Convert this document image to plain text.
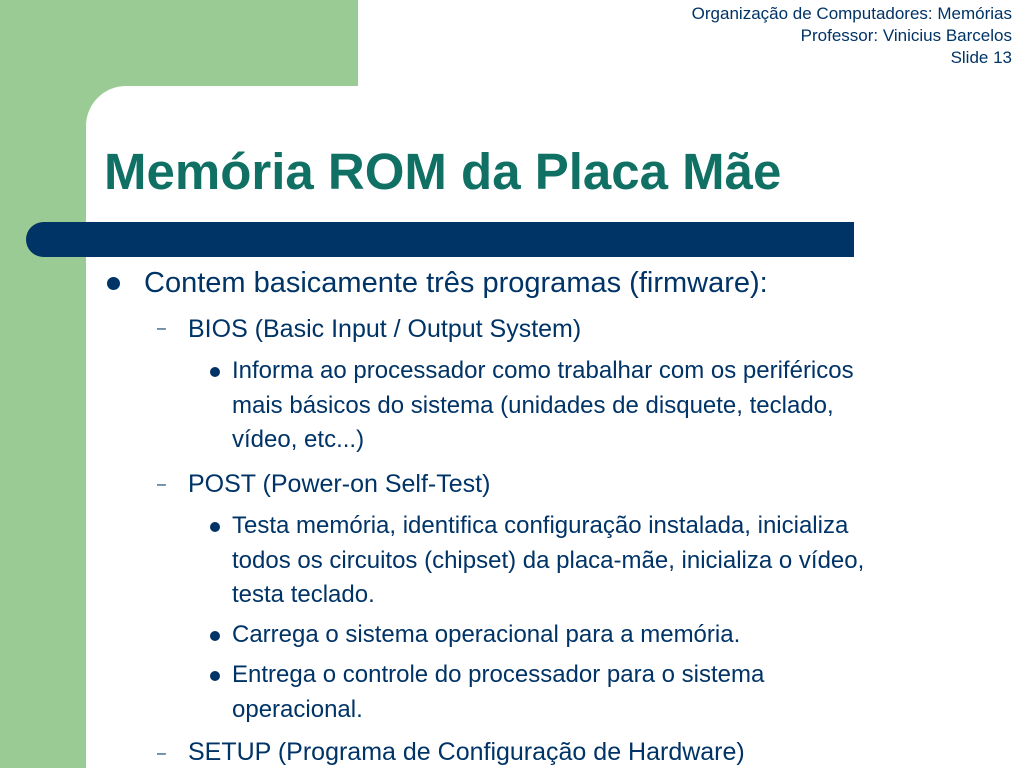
Organização de Computadores: Memórias
Professor: Vinicius Barcelos
Slide 13
Memória ROM da Placa Mãe
Contem basicamente três programas (firmware):
– BIOS (Basic Input / Output System)
Informa ao processador como trabalhar com os periféricos
mais básicos do sistema (unidades de disquete, teclado,
vídeo, etc...)
– POST (Power-on Self-Test)
Testa memória, identifica configuração instalada, inicializa
todos os circuitos (chipset) da placa-mãe, inicializa o vídeo,
testa teclado.
Carrega o sistema operacional para a memória.
Entrega o controle do processador para o sistema
operacional.
– SETUP (Programa de Configuração de Hardware)
